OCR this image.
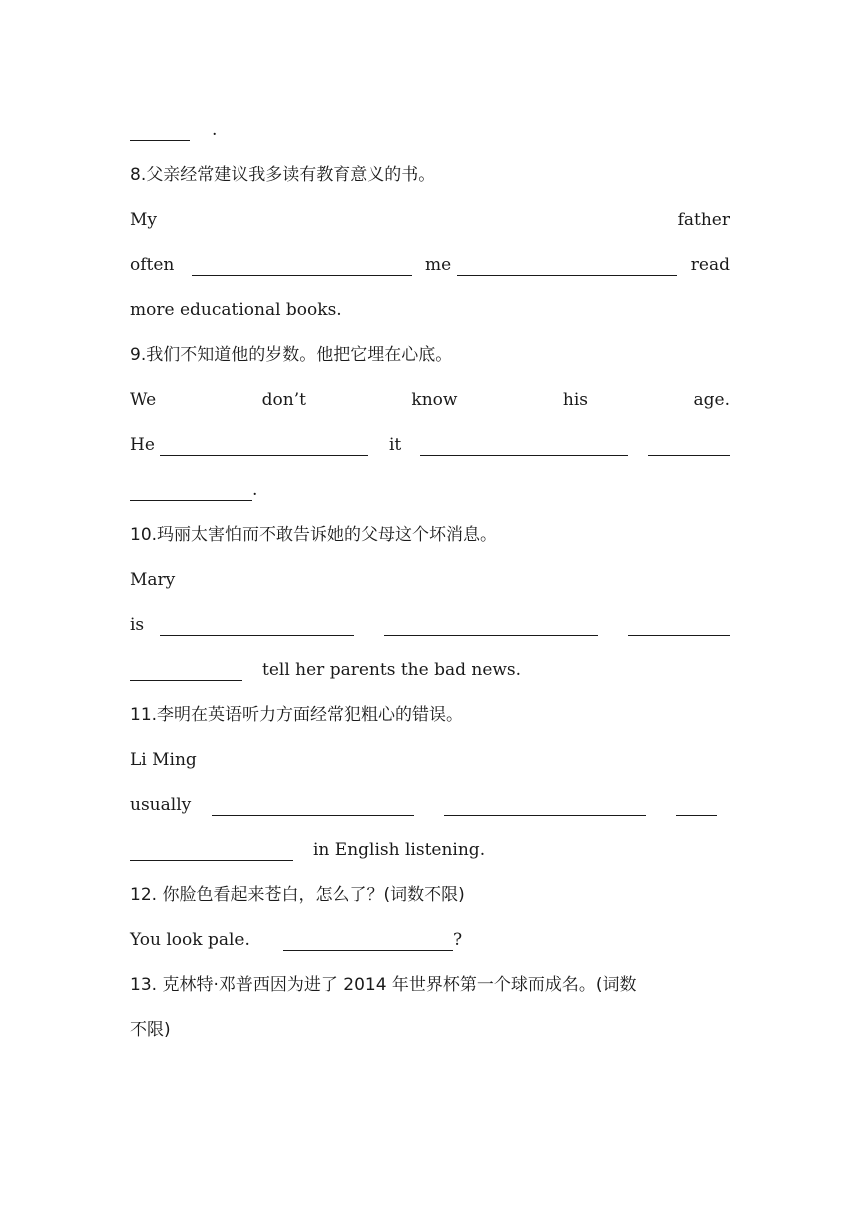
.
8.父亲经常建议我多读有教育意义的书。
My	father
often	me	read
more educational books.
9.我们不知道他的岁数。他把它埋在心底。
We	don’t	know	his	age.
He	it
.
10.玛丽太害怕而不敢告诉她的父母这个坏消息。
Mary
is
tell her parents the bad news.
11.李明在英语听力方面经常犯粗心的错误。
Li Ming
usually
in English listening.
12. 你脸色看起来苍白，怎么了？(词数不限)
You look pale.	?
13. 克林特·邓普西因为进了 2014 年世界杯第一个球而成名。(词数
不限)
